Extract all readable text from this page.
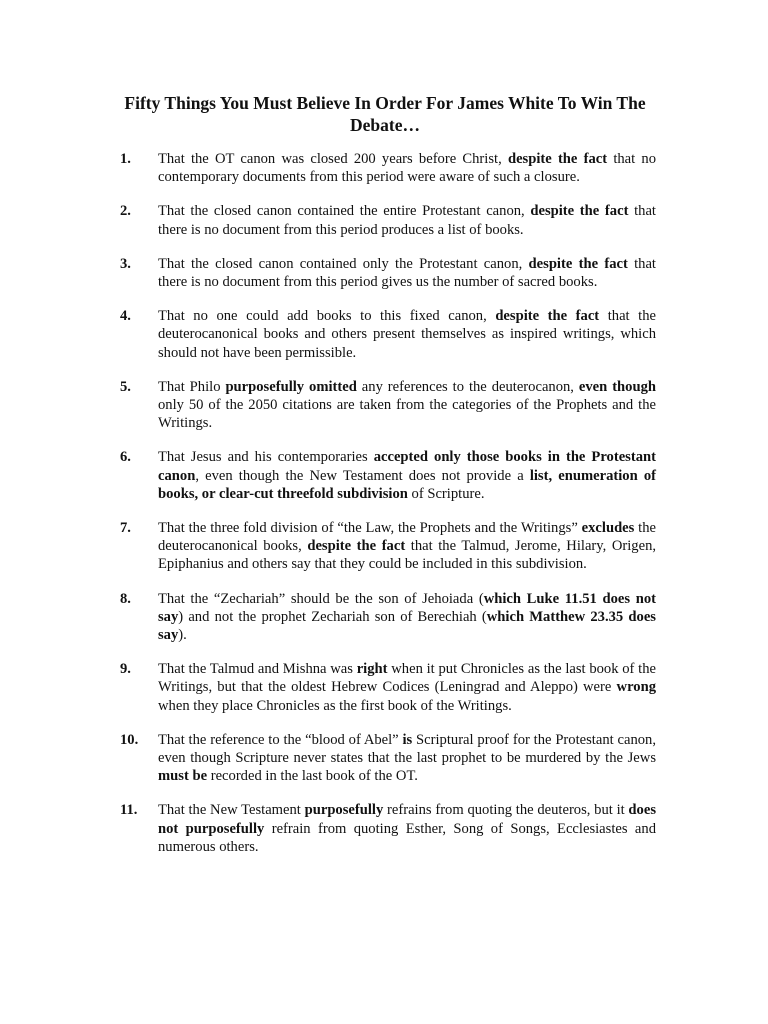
Fifty Things You Must Believe In Order For James White To Win The Debate…
1.	That the OT canon was closed 200 years before Christ, despite the fact that no contemporary documents from this period were aware of such a closure.
2.	That the closed canon contained the entire Protestant canon, despite the fact that there is no document from this period produces a list of books.
3.	That the closed canon contained only the Protestant canon, despite the fact that there is no document from this period gives us the number of sacred books.
4.	That no one could add books to this fixed canon, despite the fact that the deuterocanonical books and others present themselves as inspired writings, which should not have been permissible.
5.	That Philo purposefully omitted any references to the deuterocanon, even though only 50 of the 2050 citations are taken from the categories of the Prophets and the Writings.
6.	That Jesus and his contemporaries accepted only those books in the Protestant canon, even though the New Testament does not provide a list, enumeration of books, or clear-cut threefold subdivision of Scripture.
7.	That the three fold division of “the Law, the Prophets and the Writings” excludes the deuterocanonical books, despite the fact that the Talmud, Jerome, Hilary, Origen, Epiphanius and others say that they could be included in this subdivision.
8.	That the “Zechariah” should be the son of Jehoiada (which Luke 11.51 does not say) and not the prophet Zechariah son of Berechiah (which Matthew 23.35 does say).
9.	That the Talmud and Mishna was right when it put Chronicles as the last book of the Writings, but that the oldest Hebrew Codices (Leningrad and Aleppo) were wrong when they place Chronicles as the first book of the Writings.
10.	That the reference to the “blood of Abel” is Scriptural proof for the Protestant canon, even though Scripture never states that the last prophet to be murdered by the Jews must be recorded in the last book of the OT.
11.	That the New Testament purposefully refrains from quoting the deuteros, but it does not purposefully refrain from quoting Esther, Song of Songs, Ecclesiastes and numerous others.
